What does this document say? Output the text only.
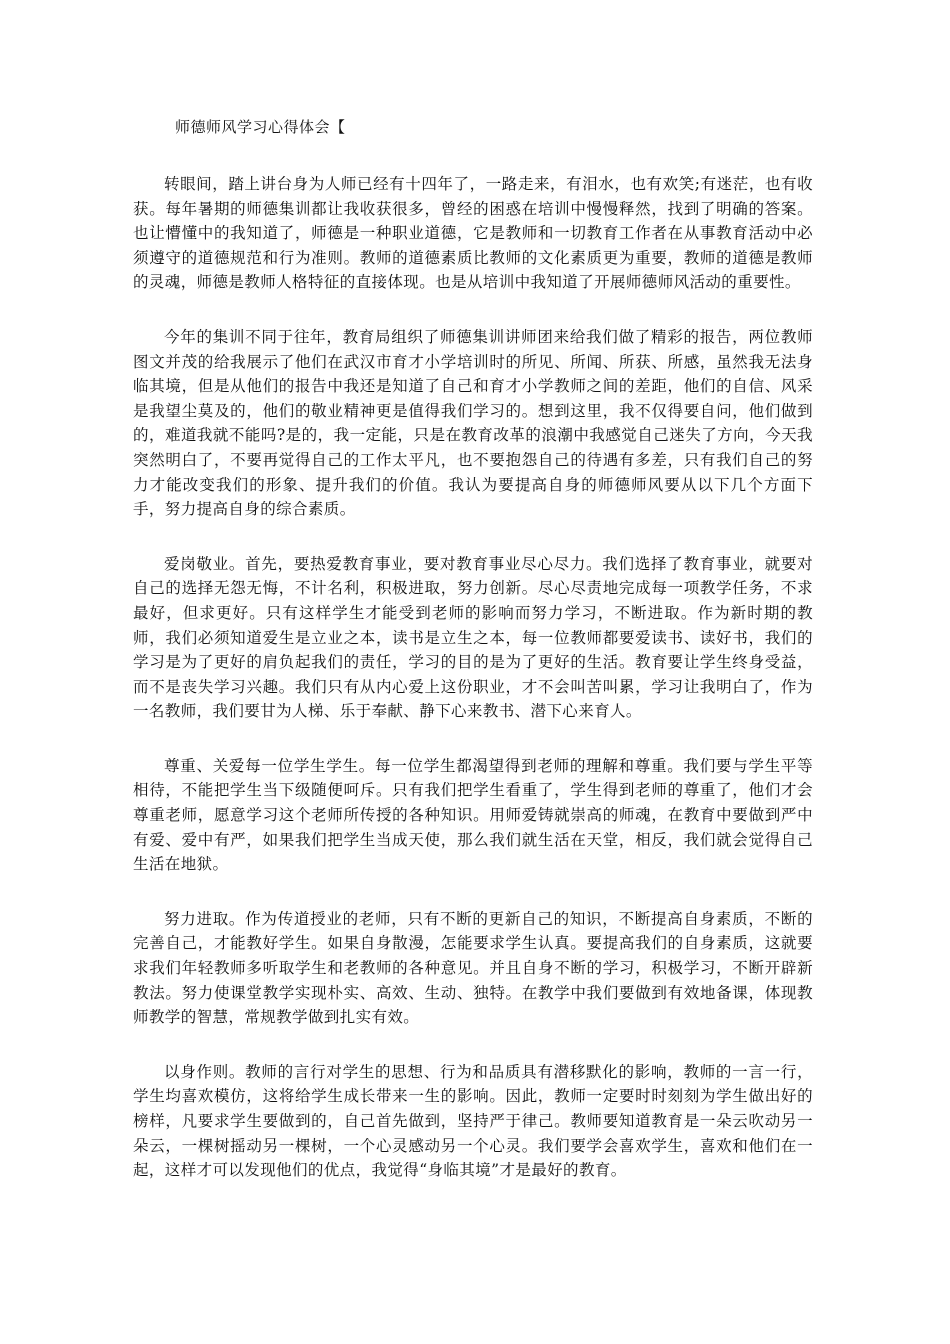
师德师风学习心得体会【

转眼间，踏上讲台身为人师已经有十四年了，一路走来，有泪水，也有欢笑;有迷茫，也有收获。每年暑期的师德集训都让我收获很多，曾经的困惑在培训中慢慢释然，找到了明确的答案。也让懵懂中的我知道了，师德是一种职业道德，它是教师和一切教育工作者在从事教育活动中必须遵守的道德规范和行为准则。教师的道德素质比教师的文化素质更为重要，教师的道德是教师的灵魂，师德是教师人格特征的直接体现。也是从培训中我知道了开展师德师风活动的重要性。

今年的集训不同于往年，教育局组织了师德集训讲师团来给我们做了精彩的报告，两位教师图文并茂的给我展示了他们在武汉市育才小学培训时的所见、所闻、所获、所感，虽然我无法身临其境，但是从他们的报告中我还是知道了自己和育才小学教师之间的差距，他们的自信、风采是我望尘莫及的，他们的敬业精神更是值得我们学习的。想到这里，我不仅得要自问，他们做到的，难道我就不能吗?是的，我一定能，只是在教育改革的浪潮中我感觉自己迷失了方向，今天我突然明白了，不要再觉得自己的工作太平凡，也不要抱怨自己的待遇有多差，只有我们自己的努力才能改变我们的形象、提升我们的价值。我认为要提高自身的师德师风要从以下几个方面下手，努力提高自身的综合素质。

爱岗敬业。首先，要热爱教育事业，要对教育事业尽心尽力。我们选择了教育事业，就要对自己的选择无怨无悔，不计名利，积极进取，努力创新。尽心尽责地完成每一项教学任务，不求最好，但求更好。只有这样学生才能受到老师的影响而努力学习，不断进取。作为新时期的教师，我们必须知道爱生是立业之本，读书是立生之本，每一位教师都要爱读书、读好书，我们的学习是为了更好的肩负起我们的责任，学习的目的是为了更好的生活。教育要让学生终身受益，而不是丧失学习兴趣。我们只有从内心爱上这份职业，才不会叫苦叫累，学习让我明白了，作为一名教师，我们要甘为人梯、乐于奉献、静下心来教书、潜下心来育人。

尊重、关爱每一位学生学生。每一位学生都渴望得到老师的理解和尊重。我们要与学生平等相待，不能把学生当下级随便呵斥。只有我们把学生看重了，学生得到老师的尊重了，他们才会尊重老师，愿意学习这个老师所传授的各种知识。用师爱铸就崇高的师魂，在教育中要做到严中有爱、爱中有严，如果我们把学生当成天使，那么我们就生活在天堂，相反，我们就会觉得自己生活在地狱。

努力进取。作为传道授业的老师，只有不断的更新自己的知识，不断提高自身素质，不断的完善自己，才能教好学生。如果自身散漫，怎能要求学生认真。要提高我们的自身素质，这就要求我们年轻教师多听取学生和老教师的各种意见。并且自身不断的学习，积极学习，不断开辟新教法。努力使课堂教学实现朴实、高效、生动、独特。在教学中我们要做到有效地备课，体现教师教学的智慧，常规教学做到扎实有效。

以身作则。教师的言行对学生的思想、行为和品质具有潜移默化的影响，教师的一言一行，学生均喜欢模仿，这将给学生成长带来一生的影响。因此，教师一定要时时刻刻为学生做出好的榜样，凡要求学生要做到的，自己首先做到，坚持严于律己。教师要知道教育是一朵云吹动另一朵云，一棵树摇动另一棵树，一个心灵感动另一个心灵。我们要学会喜欢学生，喜欢和他们在一起，这样才可以发现他们的优点，我觉得“身临其境”才是最好的教育。
